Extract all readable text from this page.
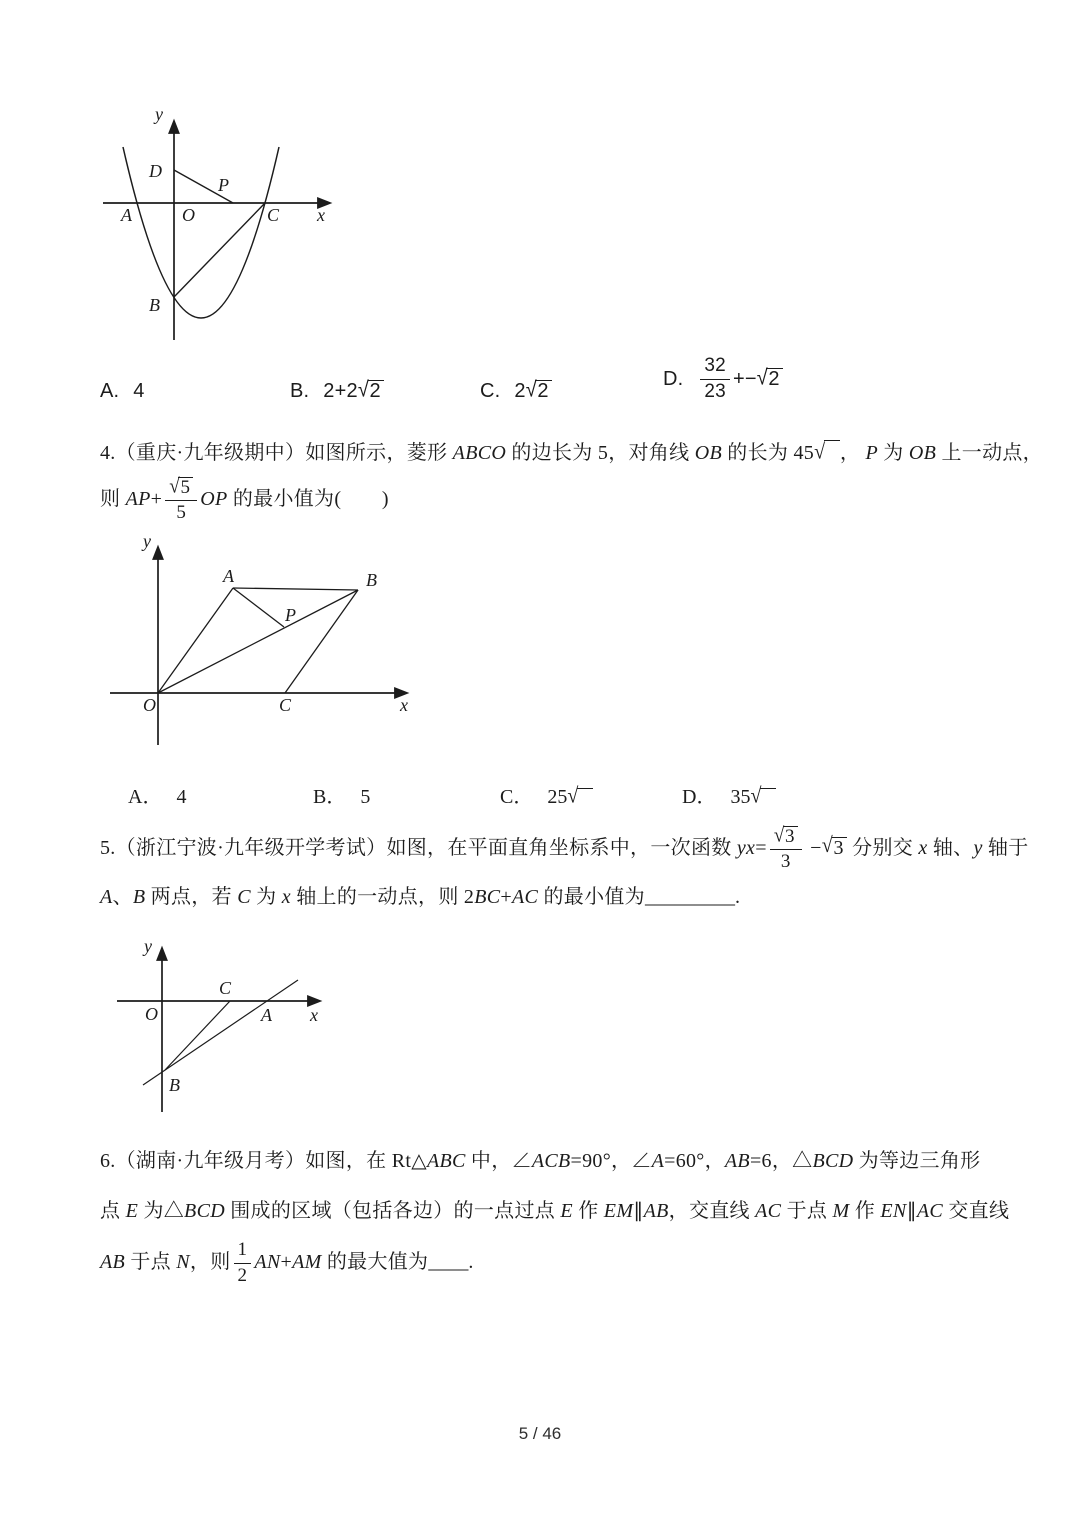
y
x
O
A	C
D
P
B
A. 4	B. 2+2√2	C. 2√2
D. $\frac{32}{23} +- √2$
4.（重庆·九年级期中）如图所示，菱形 ABCO 的边长为 5，对角线 OB 的长为 45√ ， P 为 OB 上一动点，
则 $AP+ \frac{√5}{5}$ OP 的最小值为(　　)
y
x
O
A	B
P
C
A． 4	B． 5	C． 25√	D． 35√
5.（浙江宁波·九年级开学考试）如图，在平面直角坐标系中，一次函数 $yx= \frac{√3}{3} -√3$ 分别交 x 轴、y 轴于
A、B 两点，若 C 为 x 轴上的一动点，则 2BC+AC 的最小值为_________.
y
x
O
C
A
B
6.（湖南·九年级月考）如图，在 Rt△ABC 中，∠ACB=90°，∠A=60°，AB=6，△BCD 为等边三角形
点 E 为△BCD 围成的区域（包括各边）的一点过点 E 作 EM∥AB，交直线 AC 于点 M 作 EN∥AC 交直线
AB 于点 N，则 $\frac{1}{2} AN+AM$ 的最大值为____.
5 / 46
